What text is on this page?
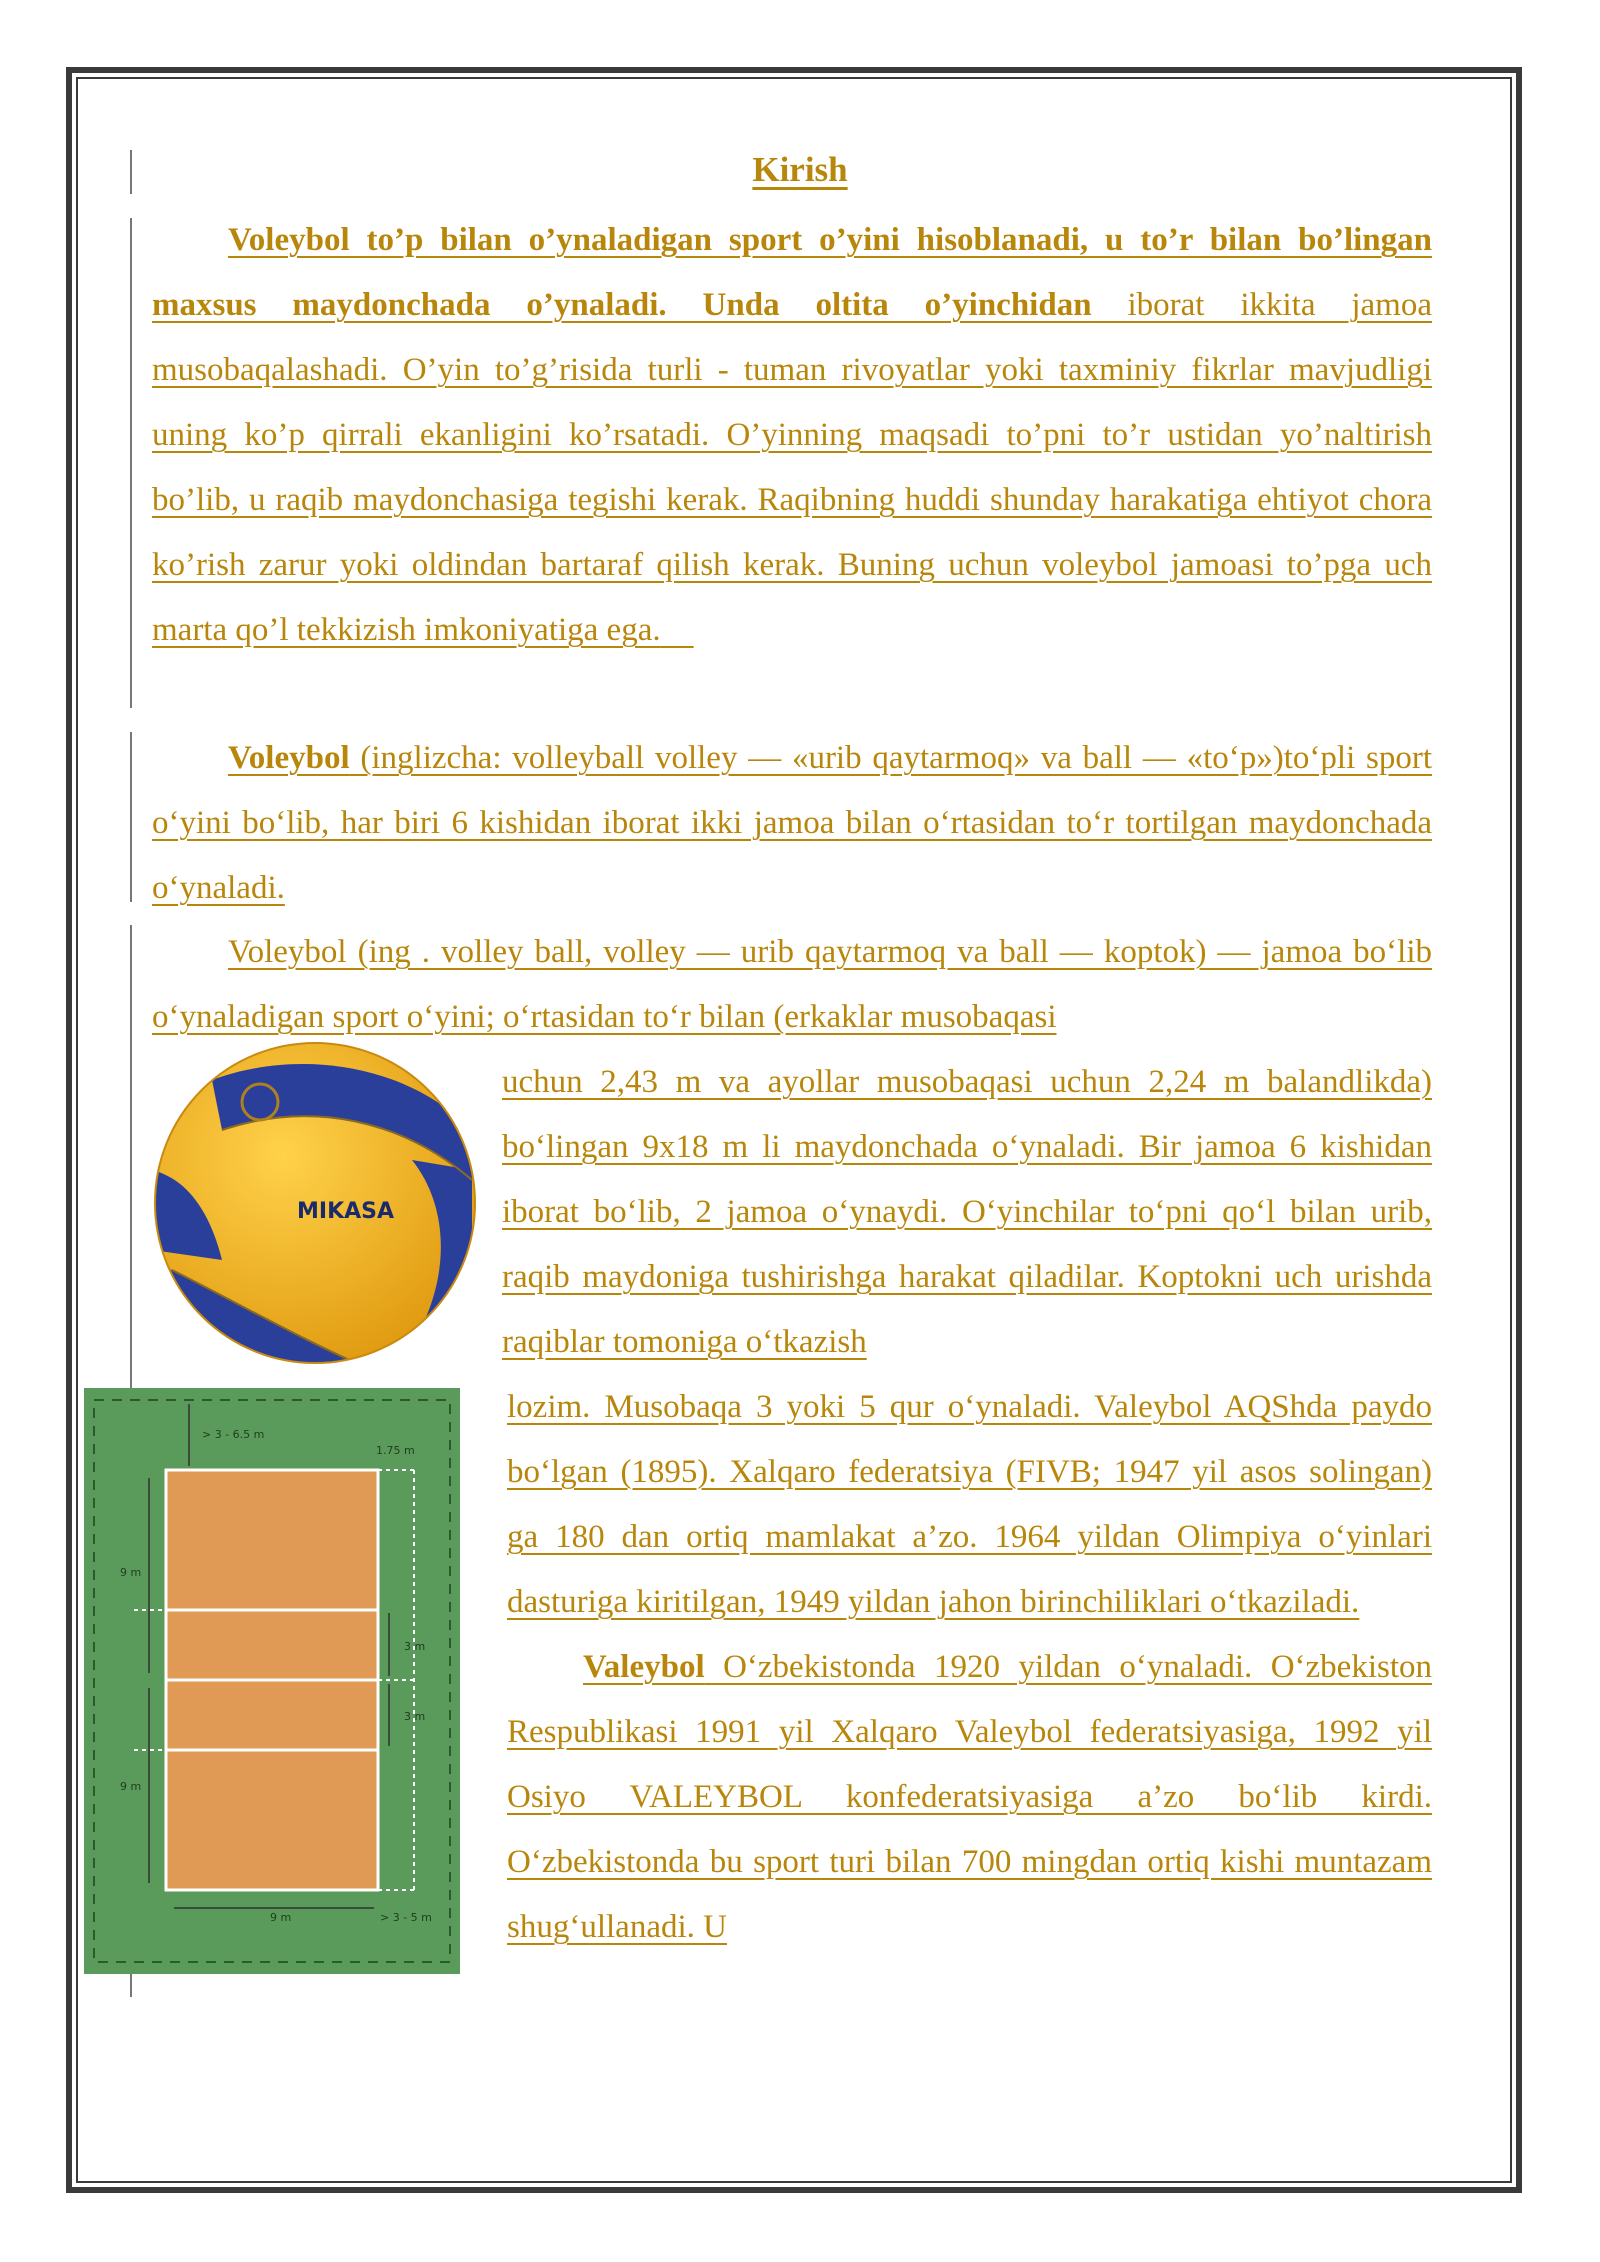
Kirish

Voleybol to’p bilan o’ynaladigan sport o’yini hisoblanadi, u to’r bilan bo’lingan maxsus maydonchada o’ynaladi. Unda oltita o’yinchidan iborat ikkita jamoa musobaqalashadi. O’yin to’g’risida turli - tuman rivoyatlar yoki taxminiy fikrlar mavjudligi uning ko’p qirrali ekanligini ko’rsatadi. O’yinning maqsadi to’pni to’r ustidan yo’naltirish bo’lib, u raqib maydonchasiga tegishi kerak. Raqibning huddi shunday harakatiga ehtiyot chora ko’rish zarur yoki oldindan bartaraf qilish kerak. Buning uchun voleybol jamoasi to’pga uch marta qo’l tekkizish imkoniyatiga ega.

Voleybol (inglizcha: volleyball volley — «urib qaytarmoq» va ball — «toʻp»)toʻpli sport oʻyini boʻlib, har biri 6 kishidan iborat ikki jamoa bilan oʻrtasidan toʻr tortilgan maydonchada oʻynaladi.

Voleybol (ing . volley ball, volley — urib qaytarmoq va ball — koptok) — jamoa boʻlib oʻynaladigan sport oʻyini; oʻrtasidan toʻr bilan (erkaklar musobaqasi

uchun 2,43 m va ayollar musobaqasi uchun 2,24 m balandlikda) boʻlingan 9x18 m li maydonchada oʻynaladi. Bir jamoa 6 kishidan iborat boʻlib, 2 jamoa oʻynaydi. Oʻyinchilar toʻpni qoʻl bilan urib, raqib maydoniga tushirishga harakat qiladilar. Koptokni uch urishda raqiblar tomoniga oʻtkazish

lozim. Musobaqa 3 yoki 5 qur oʻynaladi. Valeybol AQShda paydo boʻlgan (1895). Xalqaro federatsiya (FIVB; 1947 yil asos solingan) ga 180 dan ortiq mamlakat a’zo. 1964 yildan Olimpiya oʻyinlari dasturiga kiritilgan, 1949 yildan jahon birinchiliklari oʻtkaziladi.

Valeybol Oʻzbekistonda 1920 yildan oʻynaladi. Oʻzbekiston Respublikasi 1991 yil Xalqaro Valeybol federatsiyasiga, 1992 yil Osiyo VALEYBOL konfederatsiyasiga a’zo boʻlib kirdi. Oʻzbekistonda bu sport turi bilan 700 mingdan ortiq kishi muntazam shugʻullanadi. U

MIKASA
> 3 - 6.5 m
1.75 m
9 m
9 m
3 m
3 m
9 m	> 3 - 5 m
